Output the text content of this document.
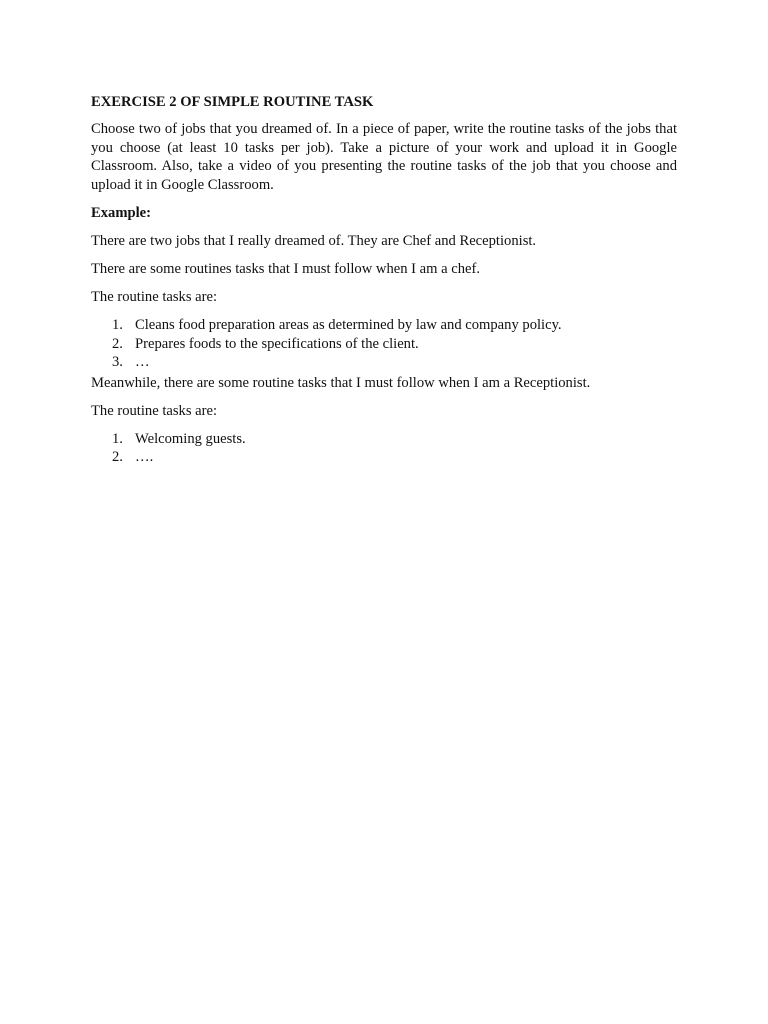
EXERCISE 2 OF SIMPLE ROUTINE TASK
Choose two of jobs that you dreamed of. In a piece of paper, write the routine tasks of the jobs that you choose (at least 10 tasks per job). Take a picture of your work and upload it in Google Classroom. Also, take a video of you presenting the routine tasks of the job that you choose and upload it in Google Classroom.
Example:
There are two jobs that I really dreamed of. They are Chef and Receptionist.
There are some routines tasks that I must follow when I am a chef.
The routine tasks are:
1. Cleans food preparation areas as determined by law and company policy.
2. Prepares foods to the specifications of the client.
3. …
Meanwhile, there are some routine tasks that I must follow when I am a Receptionist.
The routine tasks are:
1. Welcoming guests.
2. ….
